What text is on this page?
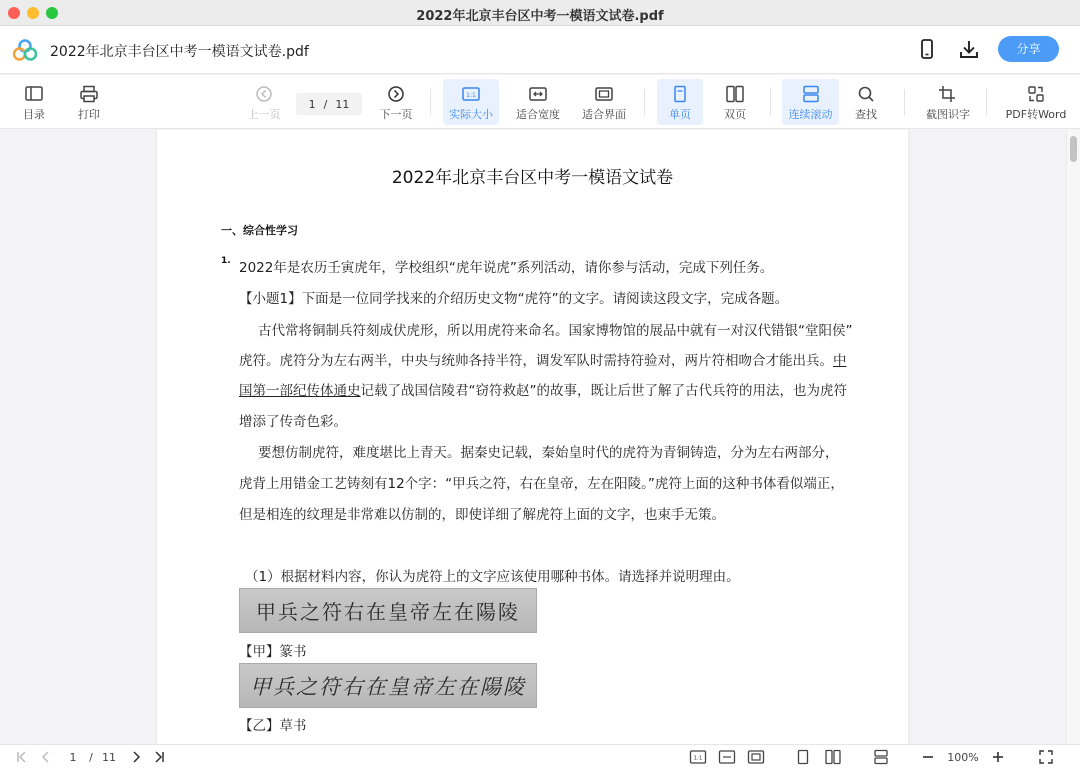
2022年北京丰台区中考一模语文试卷.pdf
2022年北京丰台区中考一模语文试卷.pdf	分享
目录	打印	上一页
1 / 11
下一页
1:1
实际大小 适合宽度 适合界面	单页	双页	连续滚动 查找	截图识字	PDF转Word
2022年北京丰台区中考一模语文试卷
一、综合性学习
1. 2022年是农历壬寅虎年，学校组织“虎年说虎”系列活动，请你参与活动，完成下列任务。
【小题1】下面是一位同学找来的介绍历史文物“虎符”的文字。请阅读这段文字，完成各题。
古代常将铜制兵符刻成伏虎形，所以用虎符来命名。国家博物馆的展品中就有一对汉代错银“堂阳侯”
虎符。虎符分为左右两半，中央与统帅各持半符，调发军队时需持符验对，两片符相吻合才能出兵。中
国第一部纪传体通史记载了战国信陵君“窃符救赵”的故事，既让后世了解了古代兵符的用法，也为虎符
增添了传奇色彩。
要想仿制虎符，难度堪比上青天。据秦史记载，秦始皇时代的虎符为青铜铸造，分为左右两部分，
虎背上用错金工艺铸刻有12个字：“甲兵之符，右在皇帝，左在阳陵。”虎符上面的这种书体看似端正，
但是相连的纹理是非常难以仿制的，即使详细了解虎符上面的文字，也束手无策。
（1）根据材料内容，你认为虎符上的文字应该使用哪种书体。请选择并说明理由。
甲兵之符右在皇帝左在陽陵
【甲】篆书
甲兵之符右在皇帝左在陽陵
【乙】草书
1	/ 11	1:1	100%
